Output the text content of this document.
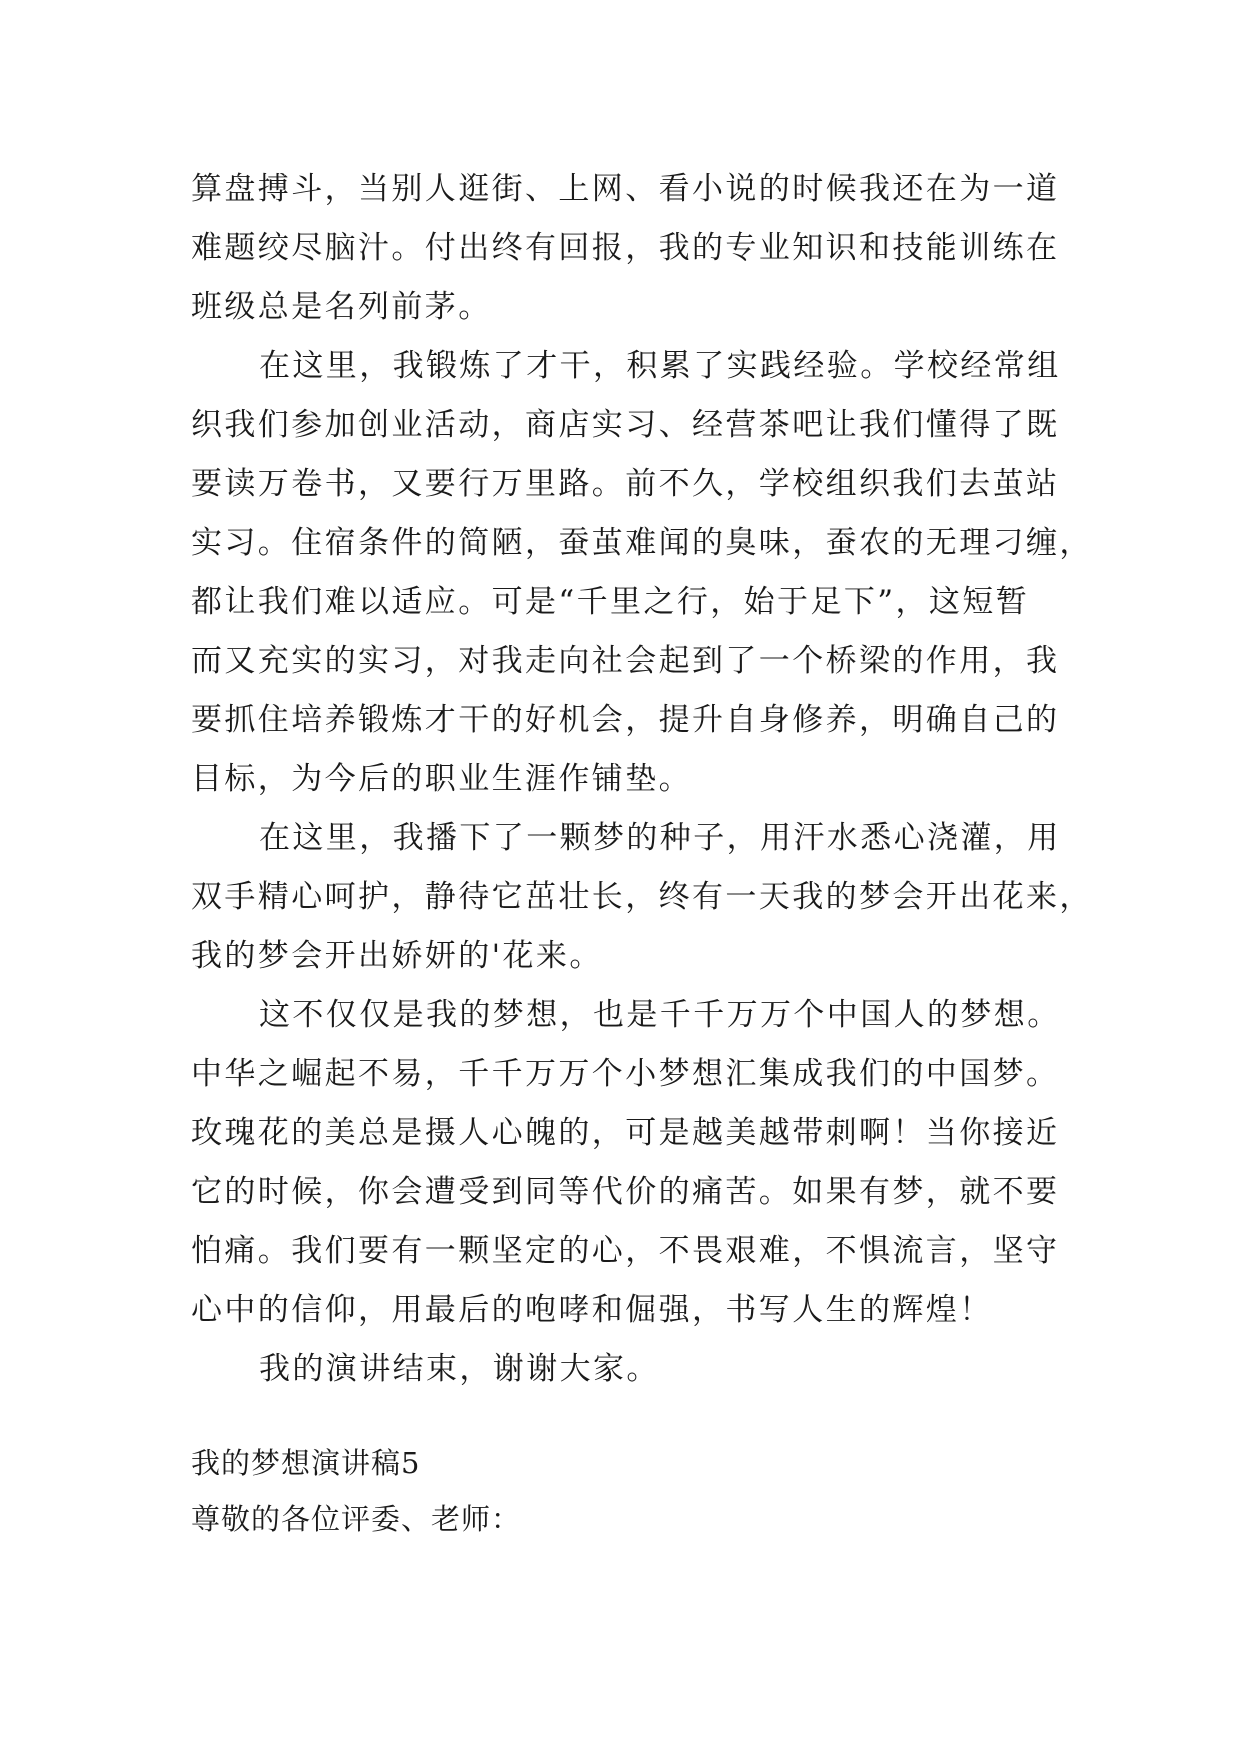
算盘搏斗，当别人逛街、上网、看小说的时候我还在为一道
难题绞尽脑汁。付出终有回报，我的专业知识和技能训练在
班级总是名列前茅。
在这里，我锻炼了才干，积累了实践经验。学校经常组
织我们参加创业活动，商店实习、经营茶吧让我们懂得了既
要读万卷书，又要行万里路。前不久，学校组织我们去茧站
实习。住宿条件的简陋，蚕茧难闻的臭味，蚕农的无理刁缠，
都让我们难以适应。可是“千里之行，始于足下”，这短暂
而又充实的实习，对我走向社会起到了一个桥梁的作用，我
要抓住培养锻炼才干的好机会，提升自身修养，明确自己的
目标，为今后的职业生涯作铺垫。
在这里，我播下了一颗梦的种子，用汗水悉心浇灌，用
双手精心呵护，静待它茁壮长，终有一天我的梦会开出花来，
我的梦会开出娇妍的'花来。
这不仅仅是我的梦想，也是千千万万个中国人的梦想。
中华之崛起不易，千千万万个小梦想汇集成我们的中国梦。
玫瑰花的美总是摄人心魄的，可是越美越带刺啊！当你接近
它的时候，你会遭受到同等代价的痛苦。如果有梦，就不要
怕痛。我们要有一颗坚定的心，不畏艰难，不惧流言，坚守
心中的信仰，用最后的咆哮和倔强，书写人生的辉煌！
我的演讲结束，谢谢大家。
我的梦想演讲稿5
尊敬的各位评委、老师：
